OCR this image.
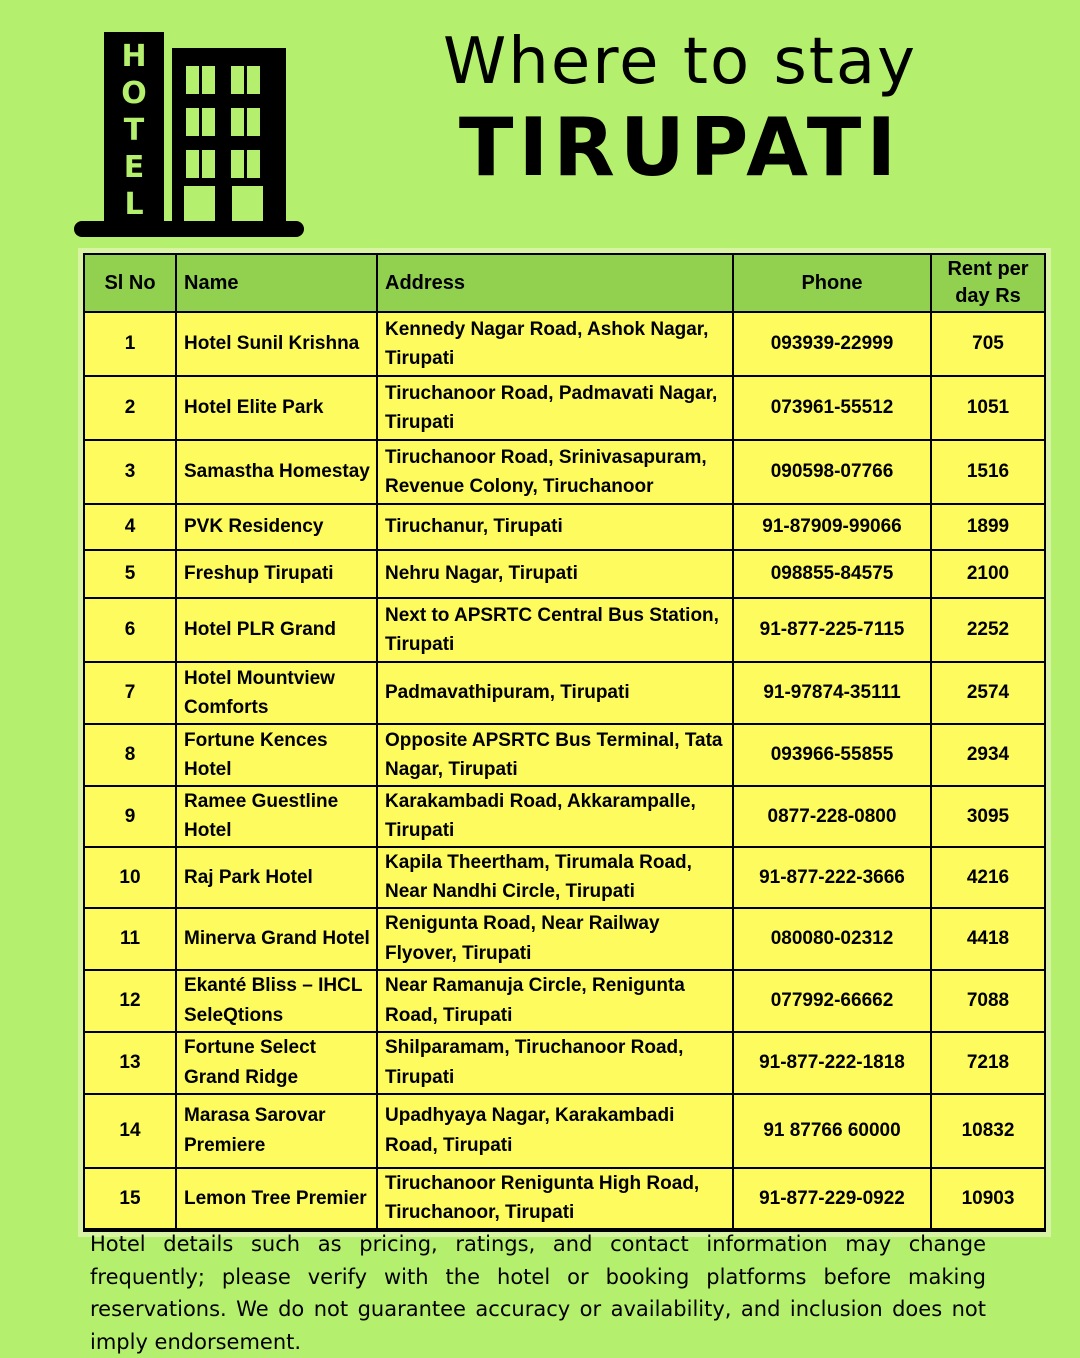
H
O
T
E
L
Where to stay
TIRUPATI
Sl No	Name	Address	Phone	Rent per day Rs
1	Hotel Sunil Krishna	Kennedy Nagar Road, Ashok Nagar, Tirupati	093939-22999	705
2	Hotel Elite Park	Tiruchanoor Road, Padmavati Nagar, Tirupati	073961-55512	1051
3	Samastha Homestay	Tiruchanoor Road, Srinivasapuram, Revenue Colony, Tiruchanoor	090598-07766	1516
4	PVK Residency	Tiruchanur, Tirupati	91-87909-99066	1899
5	Freshup Tirupati	Nehru Nagar, Tirupati	098855-84575	2100
6	Hotel PLR Grand	Next to APSRTC Central Bus Station, Tirupati	91-877-225-7115	2252
7	Hotel Mountview Comforts	Padmavathipuram, Tirupati	91-97874-35111	2574
8	Fortune Kences Hotel	Opposite APSRTC Bus Terminal, Tata Nagar, Tirupati	093966-55855	2934
9	Ramee Guestline Hotel	Karakambadi Road, Akkarampalle, Tirupati	0877-228-0800	3095
10	Raj Park Hotel	Kapila Theertham, Tirumala Road, Near Nandhi Circle, Tirupati	91-877-222-3666	4216
11	Minerva Grand Hotel	Renigunta Road, Near Railway Flyover, Tirupati	080080-02312	4418
12	Ekanté Bliss – IHCL SeleQtions	Near Ramanuja Circle, Renigunta Road, Tirupati	077992-66662	7088
13	Fortune Select Grand Ridge	Shilparamam, Tiruchanoor Road, Tirupati	91-877-222-1818	7218
14	Marasa Sarovar Premiere	Upadhyaya Nagar, Karakambadi Road, Tirupati	91 87766 60000	10832
15	Lemon Tree Premier	Tiruchanoor Renigunta High Road, Tiruchanoor, Tirupati	91-877-229-0922	10903

Hotel details such as pricing, ratings, and contact information may change frequently; please verify with the hotel or booking platforms before making reservations. We do not guarantee accuracy or availability, and inclusion does not imply endorsement.
